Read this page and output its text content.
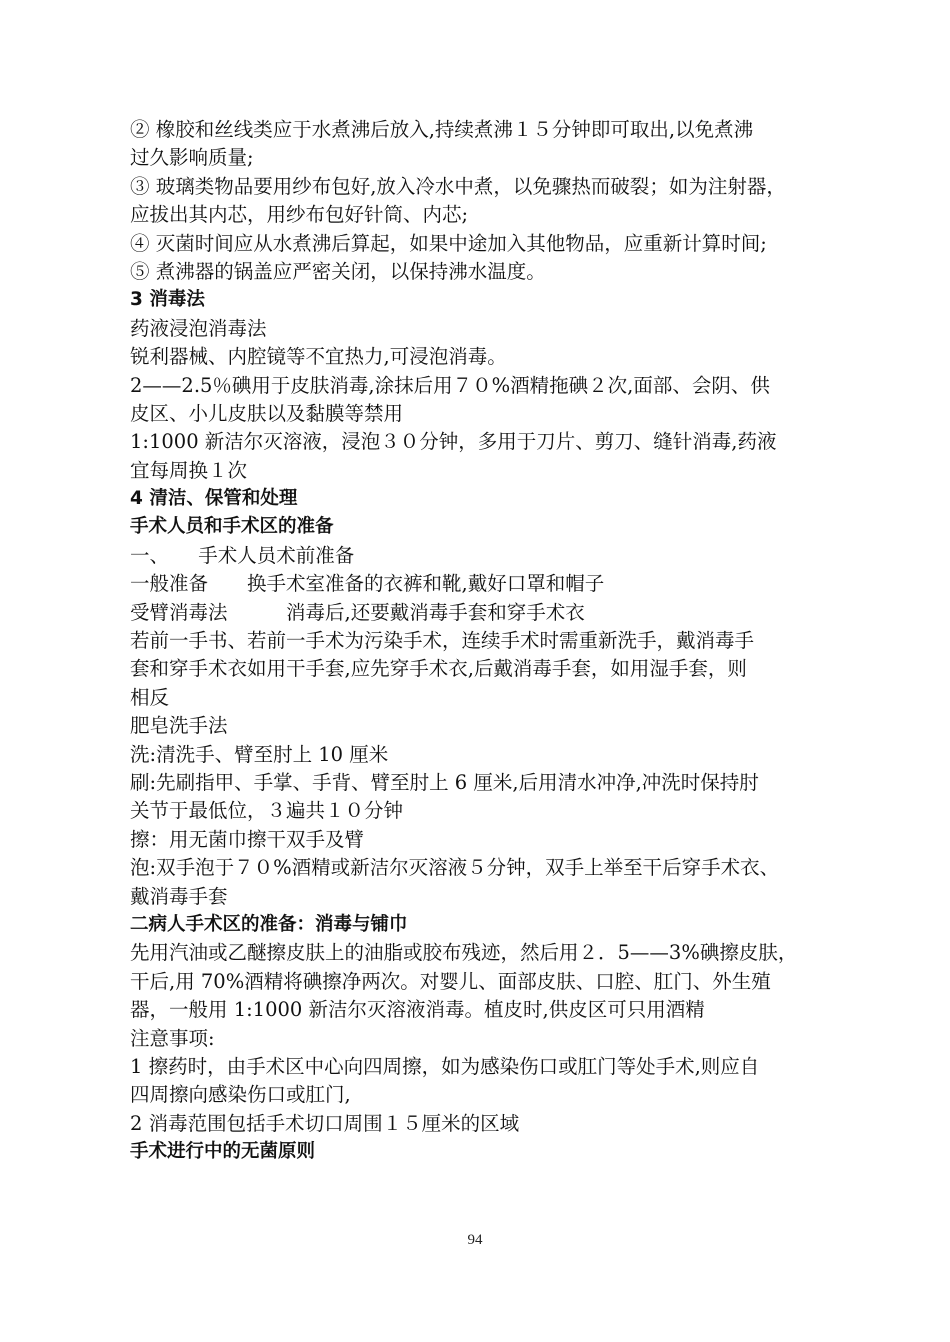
② 橡胶和丝线类应于水煮沸后放入,持续煮沸１５分钟即可取出,以免煮沸
过久影响质量;
③ 玻璃类物品要用纱布包好,放入冷水中煮，以免骤热而破裂；如为注射器，
应拔出其内芯，用纱布包好针筒、内芯;
④ 灭菌时间应从水煮沸后算起，如果中途加入其他物品，应重新计算时间;
⑤ 煮沸器的锅盖应严密关闭，以保持沸水温度。
3 消毒法
药液浸泡消毒法
锐利器械、内腔镜等不宜热力,可浸泡消毒。
2——2.5％碘用于皮肤消毒,涂抹后用７０%酒精拖碘２次,面部、会阴、供
皮区、小儿皮肤以及黏膜等禁用
1:1000 新洁尔灭溶液，浸泡３０分钟，多用于刀片、剪刀、缝针消毒,药液
宜每周换１次
4 清洁、保管和处理
手术人员和手术区的准备
一、　　手术人员术前准备
一般准备　　换手术室准备的衣裤和靴,戴好口罩和帽子
受臂消毒法　　　消毒后,还要戴消毒手套和穿手术衣
若前一手书、若前一手术为污染手术，连续手术时需重新洗手，戴消毒手
套和穿手术衣如用干手套,应先穿手术衣,后戴消毒手套，如用湿手套，则
相反
肥皂洗手法
洗:清洗手、臂至肘上 10 厘米
刷:先刷指甲、手掌、手背、臂至肘上 6 厘米,后用清水冲净,冲洗时保持肘
关节于最低位，３遍共１０分钟
擦：用无菌巾擦干双手及臂
泡:双手泡于７０%酒精或新洁尔灭溶液５分钟，双手上举至干后穿手术衣、
戴消毒手套
二病人手术区的准备：消毒与铺巾
先用汽油或乙醚擦皮肤上的油脂或胶布残迹，然后用２．5——3%碘擦皮肤，
干后,用 70%酒精将碘擦净两次。对婴儿、面部皮肤、口腔、肛门、外生殖
器，一般用 1:1000 新洁尔灭溶液消毒。植皮时,供皮区可只用酒精
注意事项:
1 擦药时，由手术区中心向四周擦，如为感染伤口或肛门等处手术,则应自
四周擦向感染伤口或肛门,
2 消毒范围包括手术切口周围１５厘米的区域
手术进行中的无菌原则
94
